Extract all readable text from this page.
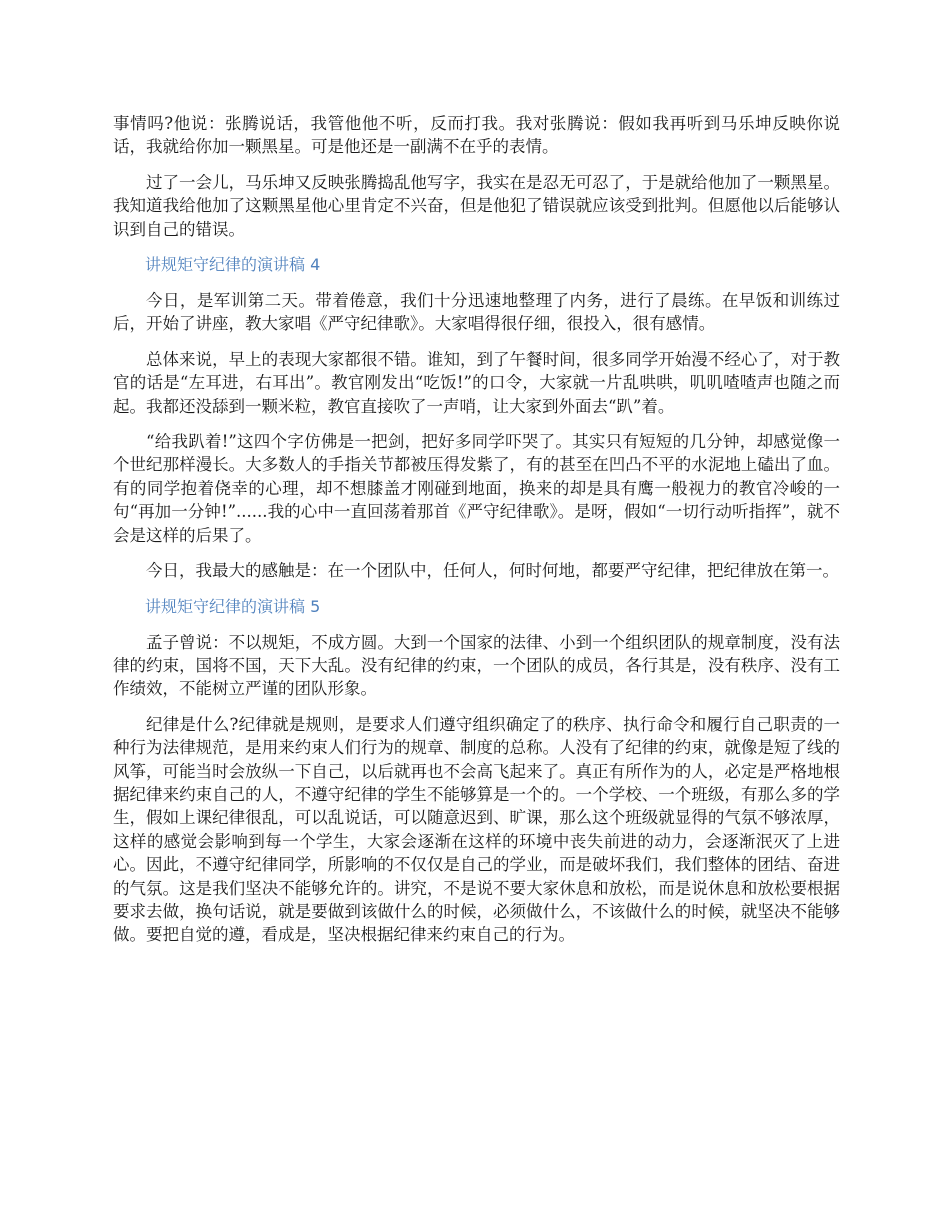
事情吗?他说：张腾说话，我管他他不听，反而打我。我对张腾说：假如我再听到马乐坤反映你说话，我就给你加一颗黑星。可是他还是一副满不在乎的表情。

过了一会儿，马乐坤又反映张腾捣乱他写字，我实在是忍无可忍了，于是就给他加了一颗黑星。我知道我给他加了这颗黑星他心里肯定不兴奋，但是他犯了错误就应该受到批判。但愿他以后能够认识到自己的错误。

讲规矩守纪律的演讲稿 4

今日，是军训第二天。带着倦意，我们十分迅速地整理了内务，进行了晨练。在早饭和训练过后，开始了讲座，教大家唱《严守纪律歌》。大家唱得很仔细，很投入，很有感情。

总体来说，早上的表现大家都很不错。谁知，到了午餐时间，很多同学开始漫不经心了，对于教官的话是“左耳进，右耳出”。教官刚发出“吃饭!”的口令，大家就一片乱哄哄，叽叽喳喳声也随之而起。我都还没舔到一颗米粒，教官直接吹了一声哨，让大家到外面去“趴”着。

“给我趴着!”这四个字仿佛是一把剑，把好多同学吓哭了。其实只有短短的几分钟，却感觉像一个世纪那样漫长。大多数人的手指关节都被压得发紫了，有的甚至在凹凸不平的水泥地上磕出了血。有的同学抱着侥幸的心理，却不想膝盖才刚碰到地面，换来的却是具有鹰一般视力的教官冷峻的一句“再加一分钟!”......我的心中一直回荡着那首《严守纪律歌》。是呀，假如“一切行动听指挥”，就不会是这样的后果了。

今日，我最大的感触是：在一个团队中，任何人，何时何地，都要严守纪律，把纪律放在第一。

讲规矩守纪律的演讲稿 5

孟子曾说：不以规矩，不成方圆。大到一个国家的法律、小到一个组织团队的规章制度，没有法律的约束，国将不国，天下大乱。没有纪律的约束，一个团队的成员，各行其是，没有秩序、没有工作绩效，不能树立严谨的团队形象。

纪律是什么?纪律就是规则，是要求人们遵守组织确定了的秩序、执行命令和履行自己职责的一种行为法律规范，是用来约束人们行为的规章、制度的总称。人没有了纪律的约束，就像是短了线的风筝，可能当时会放纵一下自己，以后就再也不会高飞起来了。真正有所作为的人，必定是严格地根据纪律来约束自己的人，不遵守纪律的学生不能够算是一个的。一个学校、一个班级，有那么多的学生，假如上课纪律很乱，可以乱说话，可以随意迟到、旷课，那么这个班级就显得的气氛不够浓厚，这样的感觉会影响到每一个学生，大家会逐渐在这样的环境中丧失前进的动力，会逐渐泯灭了上进心。因此，不遵守纪律同学，所影响的不仅仅是自己的学业，而是破坏我们，我们整体的团结、奋进的气氛。这是我们坚决不能够允许的。讲究，不是说不要大家休息和放松，而是说休息和放松要根据要求去做，换句话说，就是要做到该做什么的时候，必须做什么，不该做什么的时候，就坚决不能够做。要把自觉的遵，看成是，坚决根据纪律来约束自己的行为。
